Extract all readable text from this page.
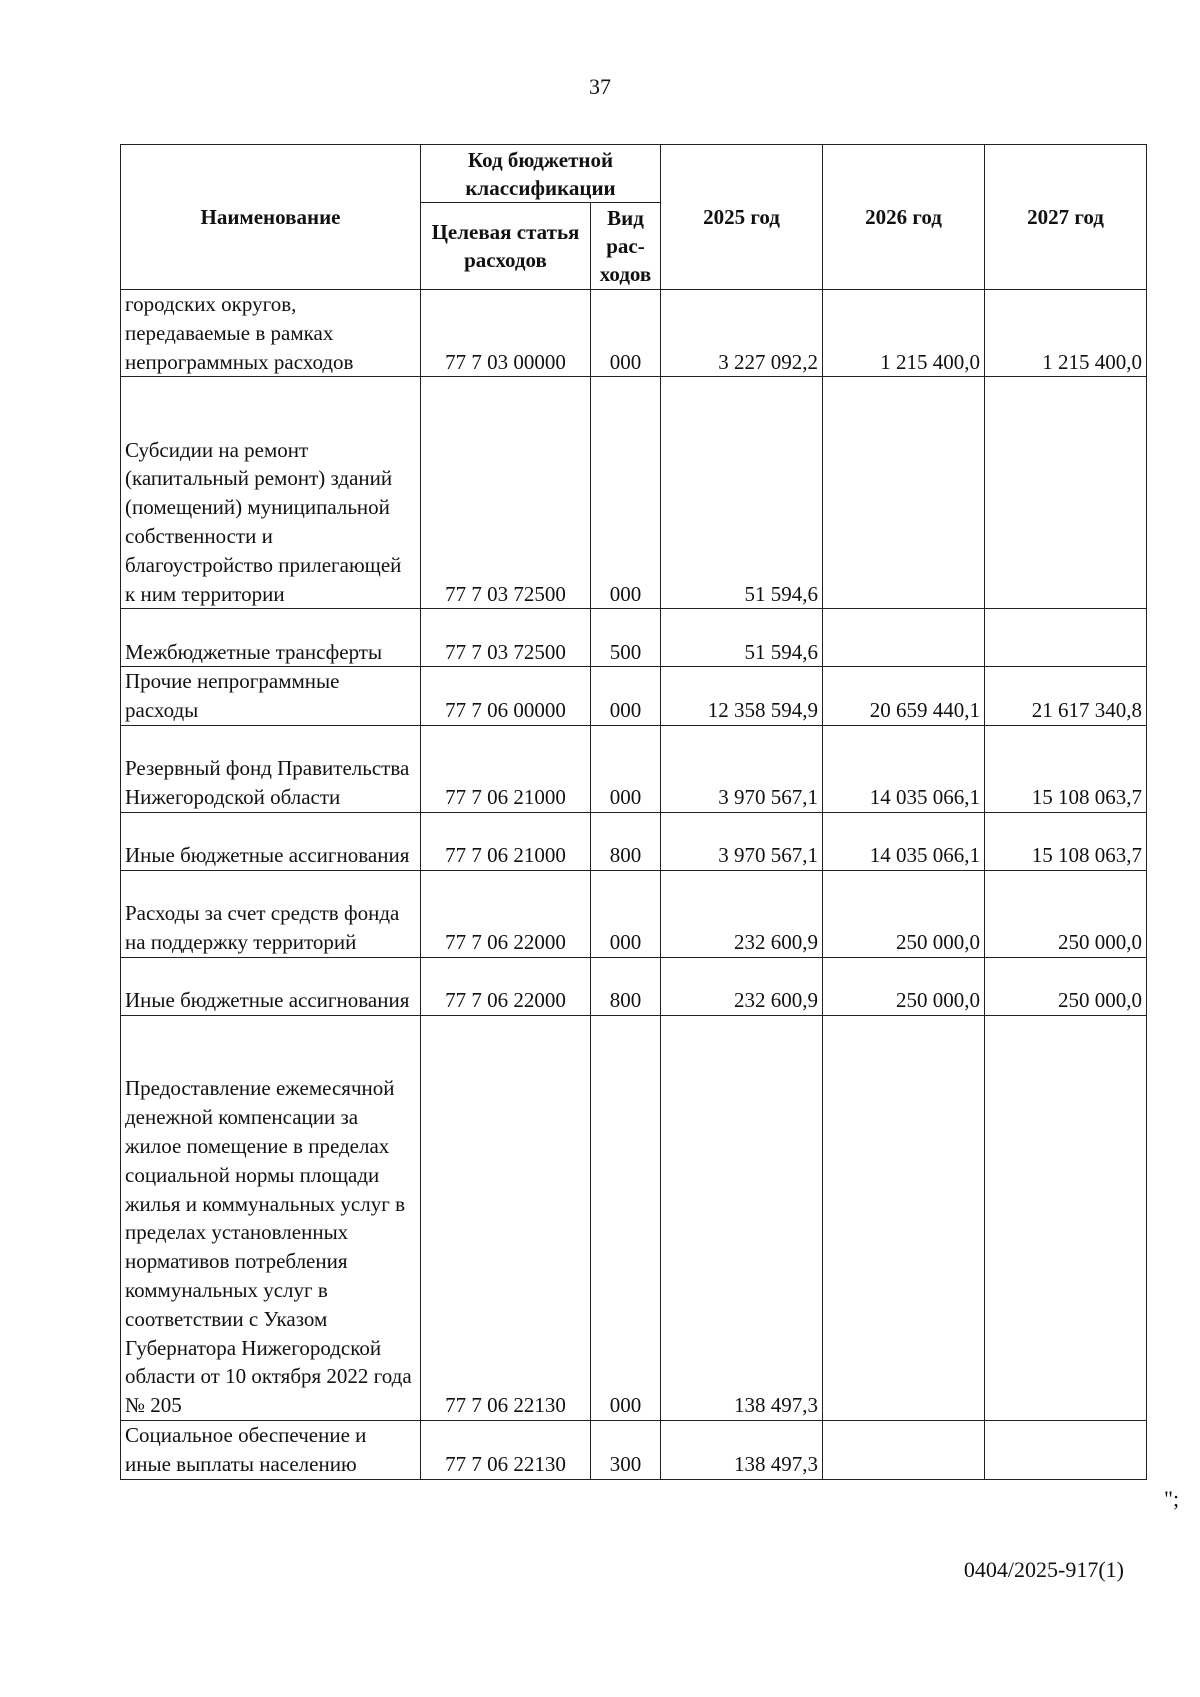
37
Наименование	Код бюджетной классификации		2025 год	2026 год	2027 год
	Целевая статья расходов	Вид рас-ходов			
городских округов, передаваемые в рамках непрограммных расходов	77 7 03 00000	000	3 227 092,2	1 215 400,0	1 215 400,0
Субсидии на ремонт (капитальный ремонт) зданий (помещений) муниципальной собственности и благоустройство прилегающей к ним территории	77 7 03 72500	000	51 594,6		
Межбюджетные трансферты	77 7 03 72500	500	51 594,6		
Прочие непрограммные расходы	77 7 06 00000	000	12 358 594,9	20 659 440,1	21 617 340,8
Резервный фонд Правительства Нижегородской области	77 7 06 21000	000	3 970 567,1	14 035 066,1	15 108 063,7
Иные бюджетные ассигнования	77 7 06 21000	800	3 970 567,1	14 035 066,1	15 108 063,7
Расходы за счет средств фонда на поддержку территорий	77 7 06 22000	000	232 600,9	250 000,0	250 000,0
Иные бюджетные ассигнования	77 7 06 22000	800	232 600,9	250 000,0	250 000,0
Предоставление ежемесячной денежной компенсации за жилое помещение в пределах социальной нормы площади жилья и коммунальных услуг в пределах установленных нормативов потребления коммунальных услуг в соответствии с Указом Губернатора Нижегородской области от 10 октября 2022 года № 205	77 7 06 22130	000	138 497,3		
Социальное обеспечение и иные выплаты населению	77 7 06 22130	300	138 497,3		
";
0404/2025-917(1)
